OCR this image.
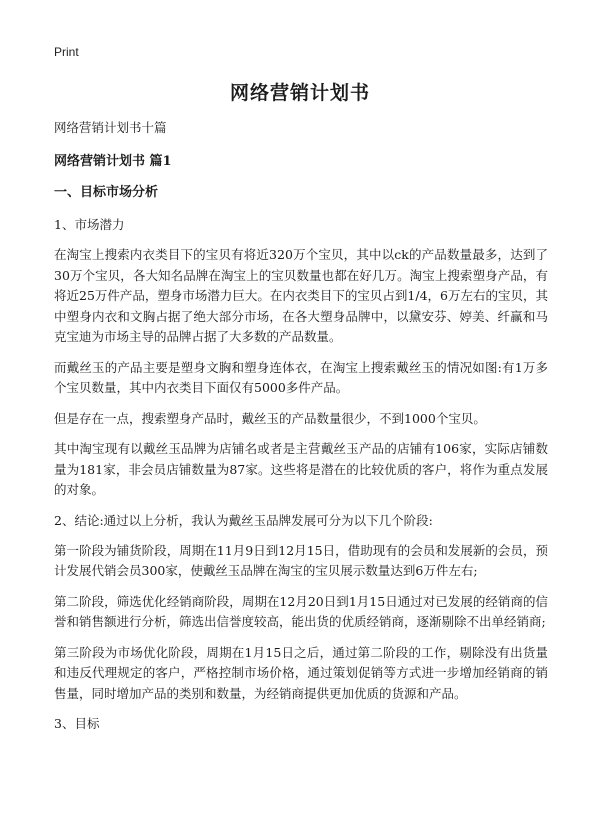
Print
网络营销计划书

网络营销计划书十篇

网络营销计划书 篇1

一、目标市场分析

1、市场潜力

在淘宝上搜索内衣类目下的宝贝有将近320万个宝贝，其中以ck的产品数量最多，达到了30万个宝贝，各大知名品牌在淘宝上的宝贝数量也都在好几万。淘宝上搜索塑身产品，有将近25万件产品，塑身市场潜力巨大。在内衣类目下的宝贝占到1/4，6万左右的宝贝，其中塑身内衣和文胸占据了绝大部分市场，在各大塑身品牌中，以黛安芬、婷美、纤赢和马克宝迪为市场主导的品牌占据了大多数的产品数量。

而戴丝玉的产品主要是塑身文胸和塑身连体衣，在淘宝上搜索戴丝玉的情况如图:有1万多个宝贝数量，其中内衣类目下面仅有5000多件产品。

但是存在一点，搜索塑身产品时，戴丝玉的产品数量很少，不到1000个宝贝。

其中淘宝现有以戴丝玉品牌为店铺名或者是主营戴丝玉产品的店铺有106家，实际店铺数量为181家，非会员店铺数量为87家。这些将是潜在的比较优质的客户，将作为重点发展的对象。

2、结论:通过以上分析，我认为戴丝玉品牌发展可分为以下几个阶段:

第一阶段为铺货阶段，周期在11月9日到12月15日，借助现有的会员和发展新的会员，预计发展代销会员300家，使戴丝玉品牌在淘宝的宝贝展示数量达到6万件左右;

第二阶段，筛选优化经销商阶段，周期在12月20日到1月15日通过对已发展的经销商的信誉和销售额进行分析，筛选出信誉度较高，能出货的优质经销商，逐渐剔除不出单经销商;

第三阶段为市场优化阶段，周期在1月15日之后，通过第二阶段的工作，剔除没有出货量和违反代理规定的客户，严格控制市场价格，通过策划促销等方式进一步增加经销商的销售量，同时增加产品的类别和数量，为经销商提供更加优质的货源和产品。

3、目标
